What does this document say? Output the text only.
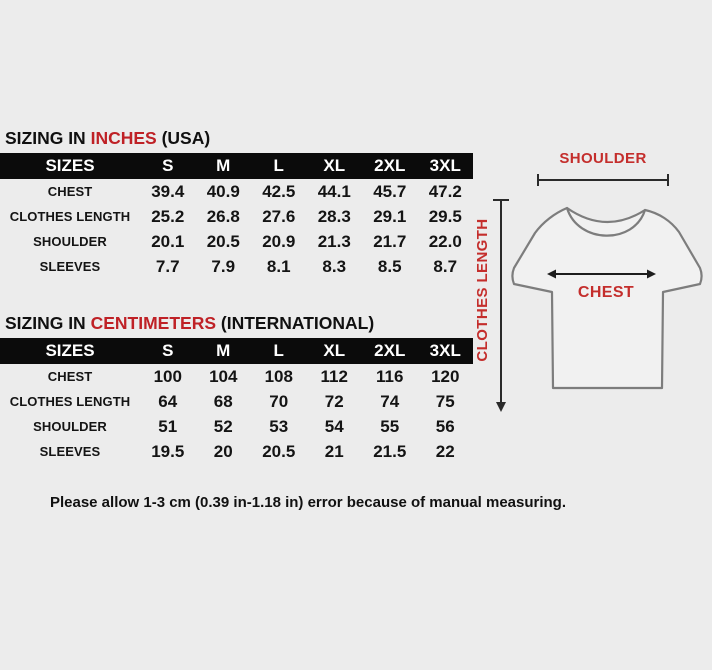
SIZING IN INCHES (USA)
SIZES	S	M	L	XL	2XL	3XL
CHEST	39.4	40.9	42.5	44.1	45.7	47.2
CLOTHES LENGTH	25.2	26.8	27.6	28.3	29.1	29.5
SHOULDER	20.1	20.5	20.9	21.3	21.7	22.0
SLEEVES	7.7	7.9	8.1	8.3	8.5	8.7
SIZING IN CENTIMETERS (INTERNATIONAL)
SIZES	S	M	L	XL	2XL	3XL
CHEST	100	104	108	112	116	120
CLOTHES LENGTH	64	68	70	72	74	75
SHOULDER	51	52	53	54	55	56
SLEEVES	19.5	20	20.5	21	21.5	22
SHOULDER
CLOTHES LENGTH	CHEST
Please allow 1-3 cm (0.39 in-1.18 in) error because of manual measuring.
